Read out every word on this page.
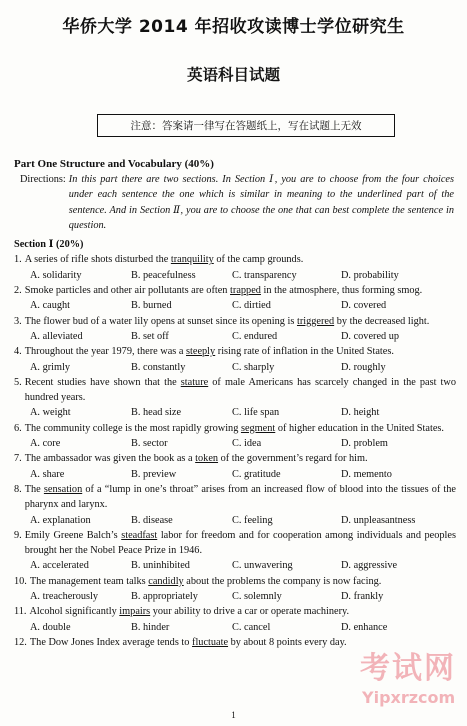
华侨大学 2014 年招收攻读博士学位研究生
英语科目试题
注意：答案请一律写在答题纸上，写在试题上无效
Part One Structure and Vocabulary (40%)
Directions: In this part there are two sections. In Section Ⅰ, you are to choose from the four choices under each sentence the one which is similar in meaning to the underlined part of the sentence. And in Section Ⅱ, you are to choose the one that can best complete the sentence in question.
Section Ⅰ (20%)
1. A series of rifle shots disturbed the tranquility of the camp grounds.
A. solidarity	B. peacefulness	C. transparency	D. probability
2. Smoke particles and other air pollutants are often trapped in the atmosphere, thus forming smog.
A. caught	B. burned	C. dirtied	D. covered
3. The flower bud of a water lily opens at sunset since its opening is triggered by the decreased light.
A. alleviated	B. set off	C. endured	D. covered up
4. Throughout the year 1979, there was a steeply rising rate of inflation in the United States.
A. grimly	B. constantly	C. sharply	D. roughly
5. Recent studies have shown that the stature of male Americans has scarcely changed in the past two hundred years.
A. weight	B. head size	C. life span	D. height
6. The community college is the most rapidly growing segment of higher education in the United States.
A. core	B. sector	C. idea	D. problem
7. The ambassador was given the book as a token of the government’s regard for him.
A. share	B. preview	C. gratitude	D. memento
8. The sensation of a “lump in one’s throat” arises from an increased flow of blood into the tissues of the pharynx and larynx.
A. explanation	B. disease	C. feeling	D. unpleasantness
9. Emily Greene Balch’s steadfast labor for freedom and for cooperation among individuals and peoples brought her the Nobel Peace Prize in 1946.
A. accelerated	B. uninhibited	C. unwavering	D. aggressive
10. The management team talks candidly about the problems the company is now facing.
A. treacherously	B. appropriately	C. solemnly	D. frankly
11. Alcohol significantly impairs your ability to drive a car or operate machinery.
A. double	B. hinder	C. cancel	D. enhance
12. The Dow Jones Index average tends to fluctuate by about 8 points every day.
1
考试网
Yipxrzcom
